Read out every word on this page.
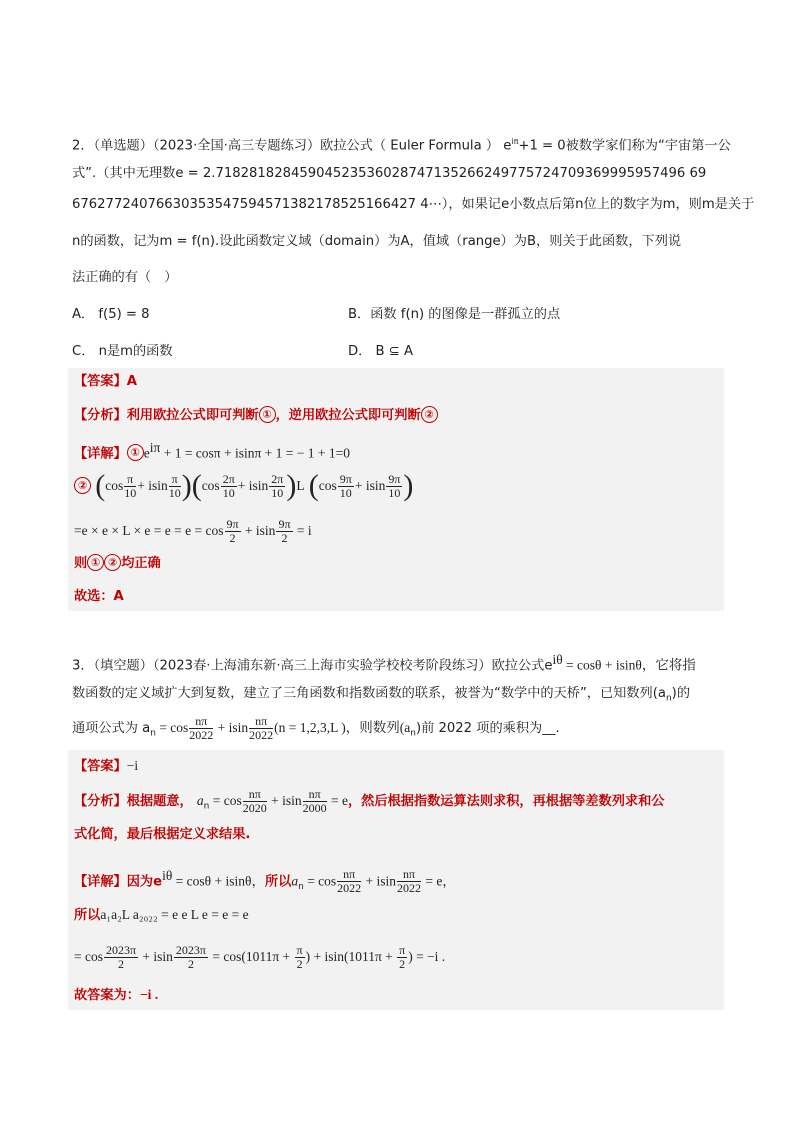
2．（单选题）（2023·全国·高三专题练习）欧拉公式（ Euler Formula ） $e^{i\pi}+1 = 0$被数学家们称为“宇宙第一公
式”.（其中无理数e = 2.71828182845904523536028747135266249775724709369995957496 69
67627724076630353547594571382178525166427 4⋯），如果记e小数点后第n位上的数字为m，则m是关于
n的函数，记为m = f(n).设此函数定义域（domain）为A，值域（range）为B，则关于此函数，下列说
法正确的有（　）
A． f(5) = 8	B．函数 f(n) 的图像是一群孤立的点
C． n是m的函数	D． B ⊆ A
【答案】A
【分析】利用欧拉公式即可判断 ① ，逆用欧拉公式即可判断 ②
【详解】 ① $e^{i\pi} + 1 = \cos\pi + isin\pi + 1$ = − 1 + 1=0
② $(\cos \frac{\pi}{10} + isin \frac{\pi}{10} )(\cos \frac{2\pi}{10} + isin \frac{2\pi}{10} )L$ ($\cos \frac{9\pi}{10} + isin \frac{9\pi}{10}$ )
$=e \times e \times L \times e = e = e = \cos \frac{9\pi}{2} + isin \frac{9\pi}{2} = i$
则 ① ② 均正确
故选：A
3．（填空题）（2023春·上海浦东新·高三上海市实验学校校考阶段练习）欧拉公式$e^{i\theta} = \cos\theta + isin\theta$，它将指
数函数的定义域扩大到复数，建立了三角函数和指数函数的联系，被誉为“数学中的天桥”，已知数列$(a_n)$的
通项公式为 $a_n = \cos \frac{n\pi}{2022} + isin \frac{n\pi}{2022} (n = 1,2,3,L$ )，则数列$(a_n)$前 2022 项的乘积为__.
【答案】−i
【分析】根据题意， $a_n = \cos \frac{n\pi}{2020} + isin \frac{n\pi}{2000} = e$，然后根据指数运算法则求积，再根据等差数列求和公
式化简，最后根据定义求结果.
【详解】因为$e^{i\theta} = \cos\theta + isin\theta$，所以$a_n = \cos \frac{n\pi}{2022} + isin \frac{n\pi}{2022} = e$，
所以a₁a₂L a₂₀₂₂ = e e L e = e = e
= $\cos \frac{2023\pi}{2} + isin \frac{2023\pi}{2} = \cos(1011\pi + \frac{\pi}{2}$ ) + $isin(1011\pi + \frac{\pi}{2}$ ) = −i .
故答案为：−i .
